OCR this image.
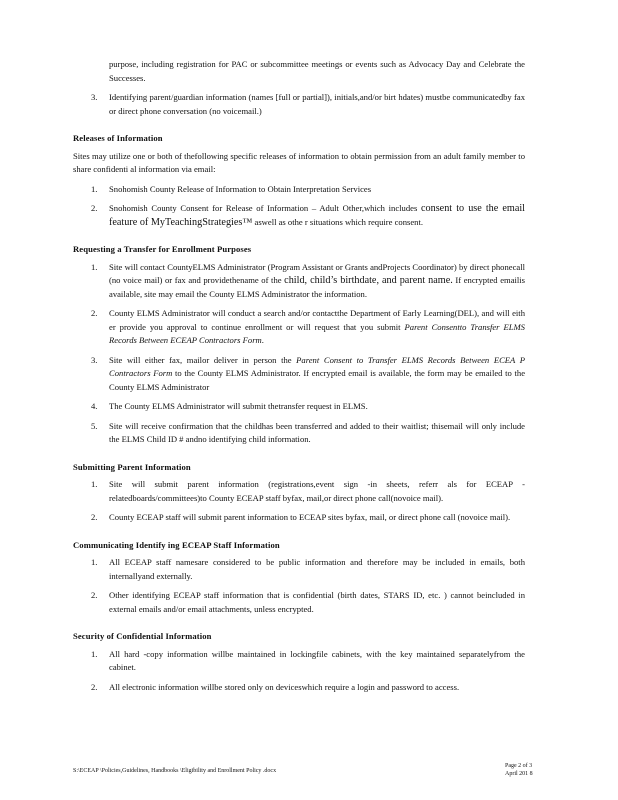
purpose, including registration for PAC or subcommittee meetings or events such as Advocacy Day and Celebrate the Successes.

3. Identifying parent/guardian information (names [full or partial]), initials,and/or birt hdates) mustbe communicatedby fax or direct phone conversation (no voicemail.)
Releases of Information

Sites may utilize one or both of thefollowing specific releases of information to obtain permission from an adult family member to share confidenti al information via email:

1. Snohomish County Release of Information to Obtain Interpretation Services
2. Snohomish County Consent for Release of Information – Adult Other,which includes consent to use the email feature of MyTeachingStrategies™ aswell as othe r situations which require consent.
Requesting a Transfer for Enrollment Purposes
1. Site will contact CountyELMS Administrator (Program Assistant or Grants andProjects Coordinator) by direct phonecall (no voice mail) or fax and providethename of the child, child’s birthdate, and parent name. If encrypted emailis available, site may email the County ELMS Administrator the information.
2. County ELMS Administrator will conduct a search and/or contactthe Department of Early Learning(DEL), and will eith er provide you approval to continue enrollment or will request that you submit Parent Consentto Transfer ELMS Records Between ECEAP Contractors Form.
3. Site will either fax, mailor deliver in person the Parent Consent to Transfer ELMS Records Between ECEA P Contractors Form to the County ELMS Administrator. If encrypted email is available, the form may be emailed to the County ELMS Administrator
4. The County ELMS Administrator will submit thetransfer request in ELMS.
5. Site will receive confirmation that the childhas been transferred and added to their waitlist; thisemail will only include the ELMS Child ID # andno identifying child information.
Submitting Parent Information
1. Site will submit parent information (registrations,event sign -in sheets, referr als for ECEAP -relatedboards/committees)to County ECEAP staff byfax, mail,or direct phone call(novoice mail).
2. County ECEAP staff will submit parent information to ECEAP sites byfax, mail, or direct phone call (novoice mail).
Communicating Identify ing ECEAP Staff Information
1. All ECEAP staff namesare considered to be public information and therefore may be included in emails, both internallyand externally.
2. Other identifying ECEAP staff information that is confidential (birth dates, STARS ID, etc. ) cannot beincluded in external emails and/or email attachments, unless encrypted.
Security of Confidential Information
1. All hard -copy information willbe maintained in lockingfile cabinets, with the key maintained separatelyfrom the cabinet.
2. All electronic information willbe stored only on deviceswhich require a login and password to access.
S:\ECEAP \Policies,Guidelines, Handbooks \Eligibility and Enrollment Policy .docx
Page 2 of 3
April 201 8
